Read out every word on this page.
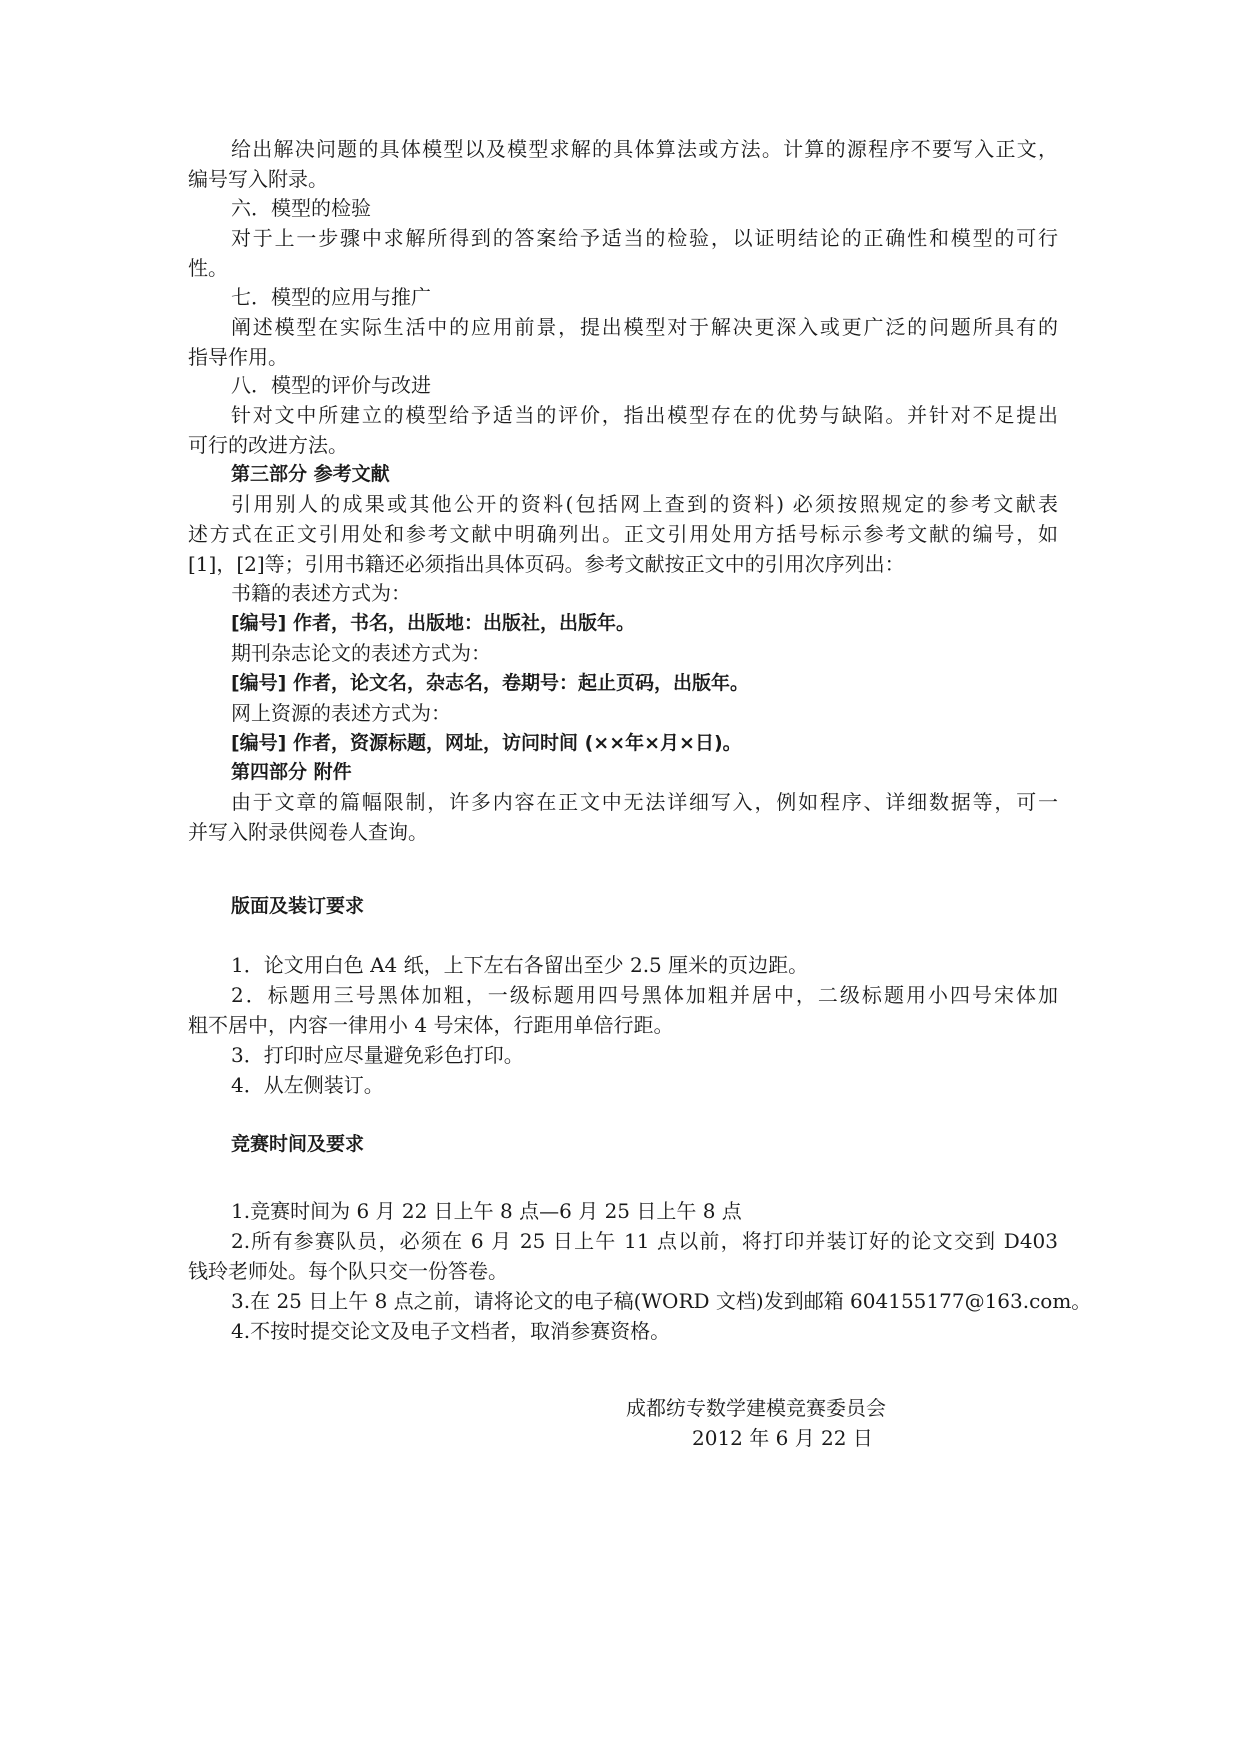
给出解决问题的具体模型以及模型求解的具体算法或方法。计算的源程序不要写入正文，

编号写入附录。

六．模型的检验

对于上一步骤中求解所得到的答案给予适当的检验，以证明结论的正确性和模型的可行

性。

七．模型的应用与推广

阐述模型在实际生活中的应用前景，提出模型对于解决更深入或更广泛的问题所具有的

指导作用。

八．模型的评价与改进

针对文中所建立的模型给予适当的评价，指出模型存在的优势与缺陷。并针对不足提出

可行的改进方法。

第三部分 参考文献

引用别人的成果或其他公开的资料(包括网上查到的资料) 必须按照规定的参考文献表

述方式在正文引用处和参考文献中明确列出。正文引用处用方括号标示参考文献的编号，如

[1]，[2]等；引用书籍还必须指出具体页码。参考文献按正文中的引用次序列出：

书籍的表述方式为：

[编号] 作者，书名，出版地：出版社，出版年。

期刊杂志论文的表述方式为：

[编号] 作者，论文名，杂志名，卷期号：起止页码，出版年。

网上资源的表述方式为：

[编号] 作者，资源标题，网址，访问时间 (××年×月×日)。

第四部分 附件

由于文章的篇幅限制，许多内容在正文中无法详细写入，例如程序、详细数据等，可一

并写入附录供阅卷人查询。

版面及装订要求

1．论文用白色 A4 纸，上下左右各留出至少 2.5 厘米的页边距。

2．标题用三号黑体加粗，一级标题用四号黑体加粗并居中，二级标题用小四号宋体加

粗不居中，内容一律用小 4 号宋体，行距用单倍行距。

3．打印时应尽量避免彩色打印。

4．从左侧装订。

竞赛时间及要求

1.竞赛时间为 6 月 22 日上午 8 点—6 月 25 日上午 8 点

2.所有参赛队员，必须在 6 月 25 日上午 11 点以前，将打印并装订好的论文交到 D403

钱玲老师处。每个队只交一份答卷。

3.在 25 日上午 8 点之前，请将论文的电子稿(WORD 文档)发到邮箱 604155177@163.com。

4.不按时提交论文及电子文档者，取消参赛资格。

成都纺专数学建模竞赛委员会

2012 年 6 月 22 日
